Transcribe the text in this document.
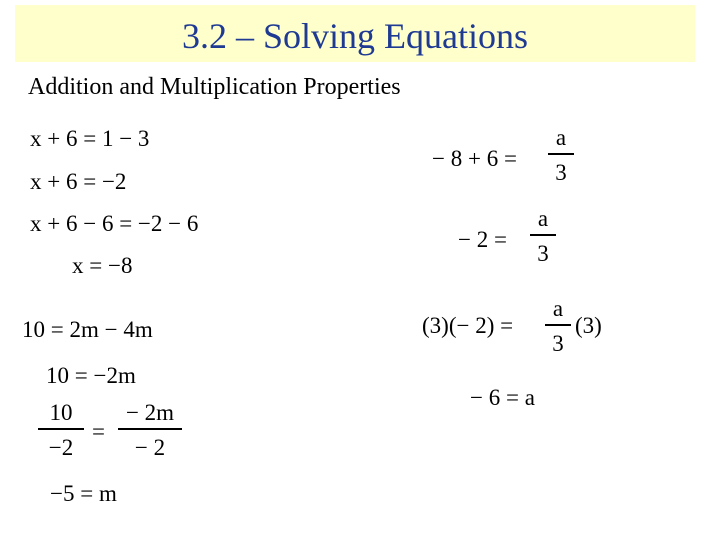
3.2 – Solving Equations
Addition and Multiplication Properties
x + 6 = 1 − 3
x + 6 = −2
x + 6 − 6 = −2 − 6
x = −8
10 = 2m − 4m
10 = −2m
10
−2
=
− 2m
− 2
−5 = m
− 8 + 6 =
a
3
− 2 =
a
3
(3)(− 2) =
a
3
(3)
− 6 = a
